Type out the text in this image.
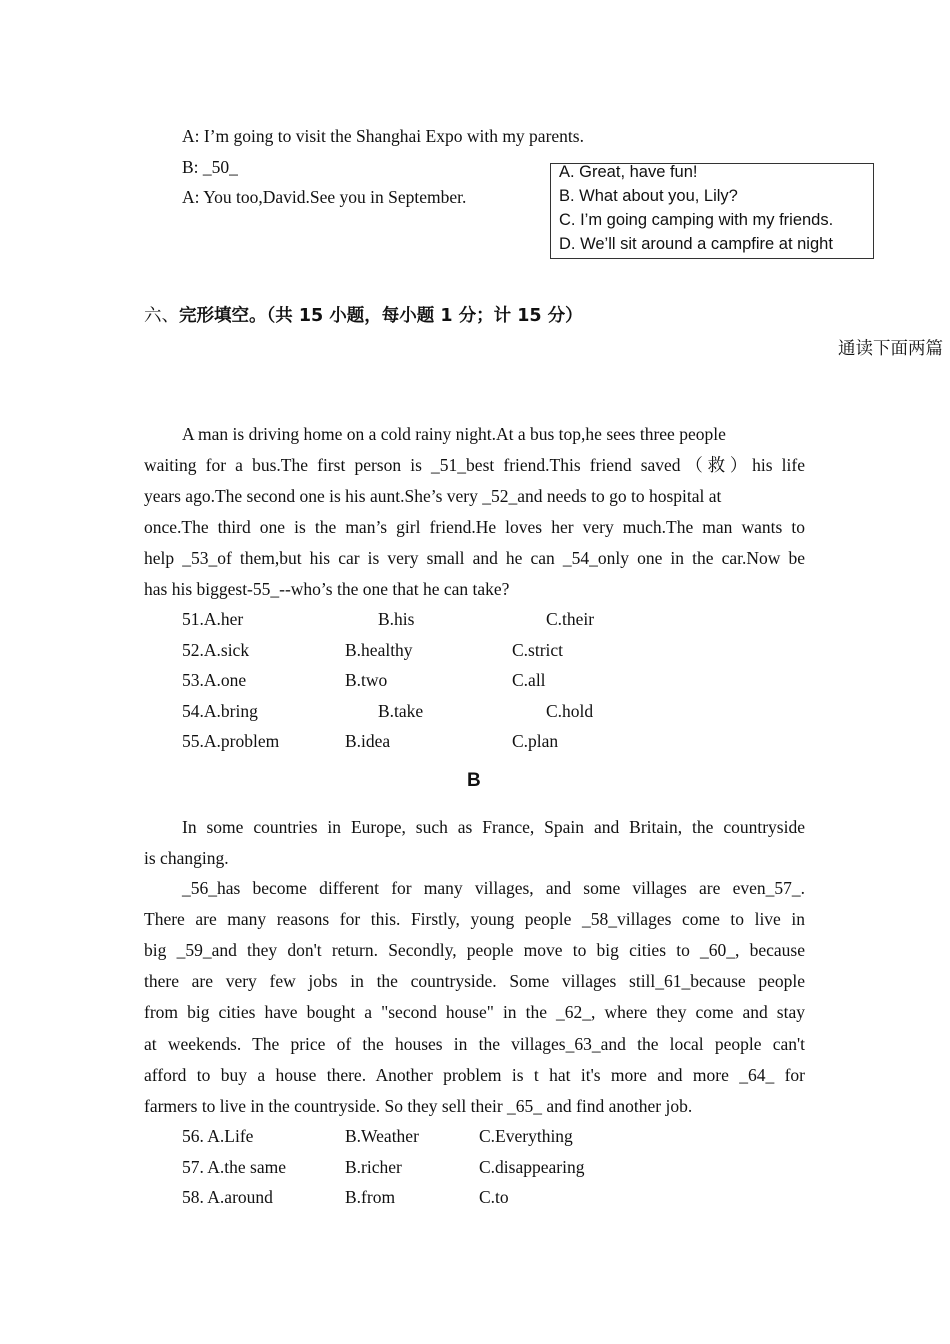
A: I’m going to visit the Shanghai Expo with my parents.
B: _50_
A: You too,David.See you in September.
A. Great, have fun!
B. What about you, Lily?
C. I’m going camping with my friends.
D. We’ll sit around a campfire at night
六、完形填空。（共 15 小题，每小题 1 分；计 15 分）
通读下面两篇
A man is driving home on a cold rainy night.At a bus top,he sees three people
waiting for a bus.The first person is _51_best friend.This friend saved（救）his life
years ago.The second one is his aunt.She’s very _52_and needs to go to hospital at
once.The third one is the man’s girl friend.He loves her very much.The man wants to
help _53_of them,but his car is very small and he can _54_only one in the car.Now be
has his biggest-55_--who’s the one that he can take?
51.A.her	B.his	C.their
52.A.sick	B.healthy	C.strict
53.A.one	B.two	C.all
54.A.bring	B.take	C.hold
55.A.problem	B.idea	C.plan
B
In some countries in Europe, such as France, Spain and Britain, the countryside
is changing.
_56_has become different for many villages, and some villages are even_57_.
There are many reasons for this. Firstly, young people _58_villages come to live in
big _59_and they don't return. Secondly, people move to big cities to _60_, because
there are very few jobs in the countryside. Some villages still_61_because people
from big cities have bought a "second house" in the _62_, where they come and stay
at weekends. The price of the houses in the villages_63_and the local people can't
afford to buy a house there. Another problem is t hat it's more and more _64_ for
farmers to live in the countryside. So they sell their _65_ and find another job.
56. A.Life	B.Weather	C.Everything
57. A.the same	B.richer	C.disappearing
58. A.around	B.from	C.to
